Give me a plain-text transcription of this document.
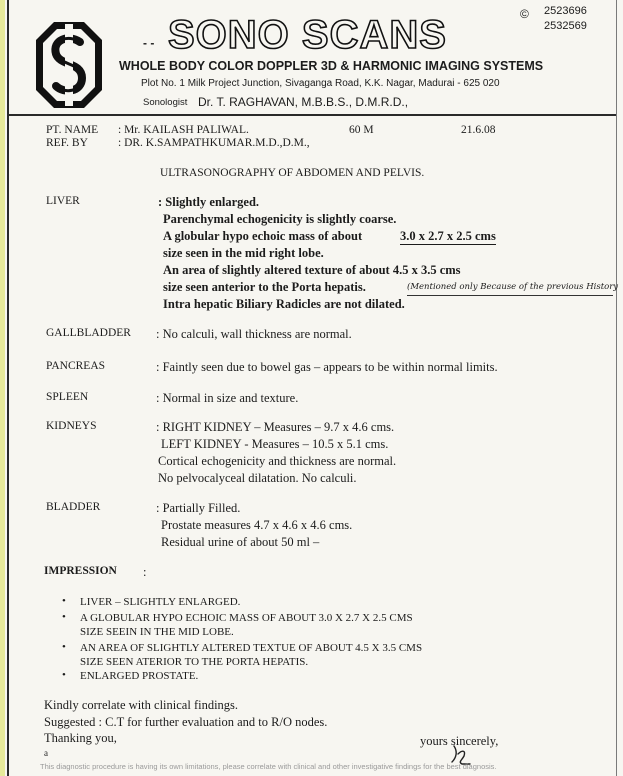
- - SONO SCANS	© 2523696
2532569
WHOLE BODY COLOR DOPPLER 3D & HARMONIC IMAGING SYSTEMS
Plot No. 1 Milk Project Junction, Sivaganga Road, K.K. Nagar, Madurai - 625 020
Sonologist Dr. T. RAGHAVAN, M.B.B.S., D.M.R.D.,
PT. NAME : Mr. KAILASH PALIWAL.	60 M	21.6.08
REF. BY	: DR. K.SAMPATHKUMAR.M.D.,D.M.,
ULTRASONOGRAPHY OF ABDOMEN AND PELVIS.
LIVER	: Slightly enlarged.
Parenchymal echogenicity is slightly coarse.
A globular hypo echoic mass of about	3.0 x 2.7 x 2.5 cms
size seen in the mid right lobe.
An area of slightly altered texture of about 4.5 x 3.5 cms
size seen anterior to the Porta hepatis.	(Mentioned only Because of the previous History
Intra hepatic Biliary Radicles are not dilated.
GALLBLADDER : No calculi, wall thickness are normal.
PANCREAS	: Faintly seen due to bowel gas – appears to be within normal limits.
SPLEEN	: Normal in size and texture.
KIDNEYS	: RIGHT KIDNEY – Measures – 9.7 x 4.6 cms.
LEFT KIDNEY - Measures – 10.5 x 5.1 cms.
Cortical echogenicity and thickness are normal.
No pelvocalyceal dilatation. No calculi.
BLADDER	: Partially Filled.
Prostate measures 4.7 x 4.6 x 4.6 cms.
Residual urine of about 50 ml –
IMPRESSION :
• LIVER – SLIGHTLY ENLARGED.
• A GLOBULAR HYPO ECHOIC MASS OF ABOUT 3.0 X 2.7 X 2.5 CMS
SIZE SEEIN IN THE MID LOBE.
• AN AREA OF SLIGHTLY ALTERED TEXTUE OF ABOUT 4.5 X 3.5 CMS
SIZE SEEN ATERIOR TO THE PORTA HEPATIS.
• ENLARGED PROSTATE.
Kindly correlate with clinical findings.
Suggested : C.T for further evaluation and to R/O nodes.
Thanking you,
a
yours sincerely,
This diagnostic procedure is having its own limitations, please correlate with clinical and other investigative findings for the best diagnosis.
